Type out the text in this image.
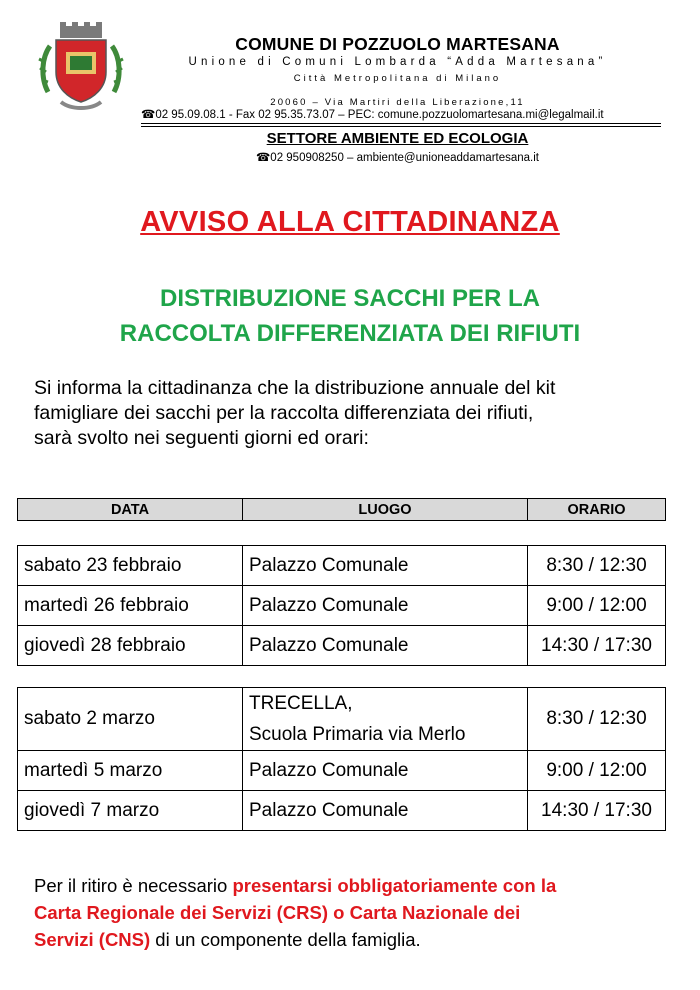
COMUNE DI POZZUOLO MARTESANA
Unione di Comuni Lombarda “Adda Martesana”
Città Metropolitana di Milano
20060 – Via Martiri della Liberazione,11
☎02 95.09.08.1 - Fax 02 95.35.73.07 – PEC: comune.pozzuolomartesana.mi@legalmail.it
SETTORE AMBIENTE ED ECOLOGIA
☎02 950908250 – ambiente@unioneaddamartesana.it
AVVISO ALLA CITTADINANZA
DISTRIBUZIONE SACCHI PER LA
RACCOLTA DIFFERENZIATA DEI RIFIUTI
Si informa la cittadinanza che la distribuzione annuale del kit
famigliare dei sacchi per la raccolta differenziata dei rifiuti,
sarà svolto nei seguenti giorni ed orari:
DATA	LUOGO	ORARIO
sabato 23 febbraio	Palazzo Comunale	8:30 / 12:30
martedì 26 febbraio	Palazzo Comunale	9:00 / 12:00
giovedì 28 febbraio	Palazzo Comunale	14:30 / 17:30
sabato 2 marzo	TRECELLA,
Scuola Primaria via Merlo	8:30 / 12:30
martedì 5 marzo	Palazzo Comunale	9:00 / 12:00
giovedì 7 marzo	Palazzo Comunale	14:30 / 17:30
Per il ritiro è necessario presentarsi obbligatoriamente con la
Carta Regionale dei Servizi (CRS) o Carta Nazionale dei
Servizi (CNS) di un componente della famiglia.
